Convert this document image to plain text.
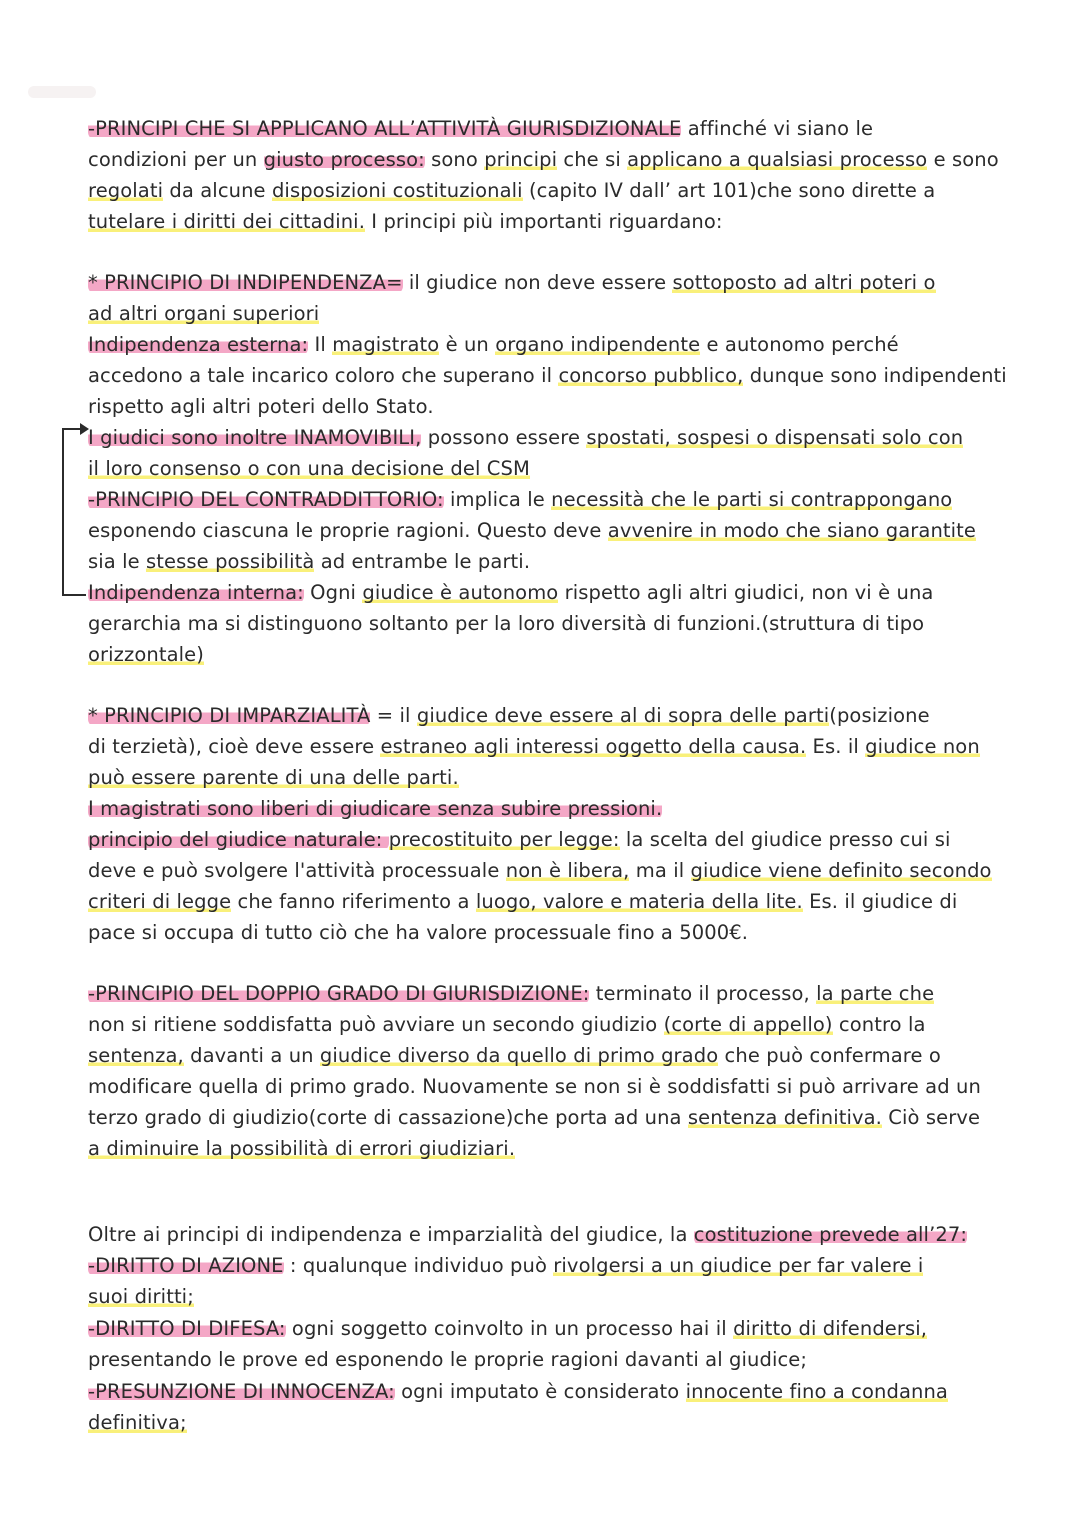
-PRINCIPI CHE SI APPLICANO ALL’ATTIVITÀ GIURISDIZIONALE affinché vi siano le
condizioni per un giusto processo: sono principi che si applicano a qualsiasi processo e sono
regolati da alcune disposizioni costituzionali (capito IV dall’ art 101)che sono dirette a
tutelare i diritti dei cittadini. I principi più importanti riguardano:
* PRINCIPIO DI INDIPENDENZA= il giudice non deve essere sottoposto ad altri poteri o
ad altri organi superiori
Indipendenza esterna: Il magistrato è un organo indipendente e autonomo perché
accedono a tale incarico coloro che superano il concorso pubblico, dunque sono indipendenti
rispetto agli altri poteri dello Stato.
I giudici sono inoltre INAMOVIBILI, possono essere spostati, sospesi o dispensati solo con
il loro consenso o con una decisione del CSM
-PRINCIPIO DEL CONTRADDITTORIO: implica le necessità che le parti si contrappongano
esponendo ciascuna le proprie ragioni. Questo deve avvenire in modo che siano garantite
sia le stesse possibilità ad entrambe le parti.
Indipendenza interna: Ogni giudice è autonomo rispetto agli altri giudici, non vi è una
gerarchia ma si distinguono soltanto per la loro diversità di funzioni.(struttura di tipo
orizzontale)
* PRINCIPIO DI IMPARZIALITÀ = il giudice deve essere al di sopra delle parti(posizione
di terzietà), cioè deve essere estraneo agli interessi oggetto della causa. Es. il giudice non
può essere parente di una delle parti.
I magistrati sono liberi di giudicare senza subire pressioni.
principio del giudice naturale: precostituito per legge: la scelta del giudice presso cui si
deve e può svolgere l'attività processuale non è libera, ma il giudice viene definito secondo
criteri di legge che fanno riferimento a luogo, valore e materia della lite. Es. il giudice di
pace si occupa di tutto ciò che ha valore processuale fino a 5000€.
-PRINCIPIO DEL DOPPIO GRADO DI GIURISDIZIONE: terminato il processo, la parte che
non si ritiene soddisfatta può avviare un secondo giudizio (corte di appello) contro la
sentenza, davanti a un giudice diverso da quello di primo grado che può confermare o
modificare quella di primo grado. Nuovamente se non si è soddisfatti si può arrivare ad un
terzo grado di giudizio(corte di cassazione)che porta ad una sentenza definitiva. Ciò serve
a diminuire la possibilità di errori giudiziari.
Oltre ai principi di indipendenza e imparzialità del giudice, la costituzione prevede all’27:
-DIRITTO DI AZIONE : qualunque individuo può rivolgersi a un giudice per far valere i
suoi diritti;
-DIRITTO DI DIFESA: ogni soggetto coinvolto in un processo hai il diritto di difendersi,
presentando le prove ed esponendo le proprie ragioni davanti al giudice;
-PRESUNZIONE DI INNOCENZA: ogni imputato è considerato innocente fino a condanna
definitiva;
